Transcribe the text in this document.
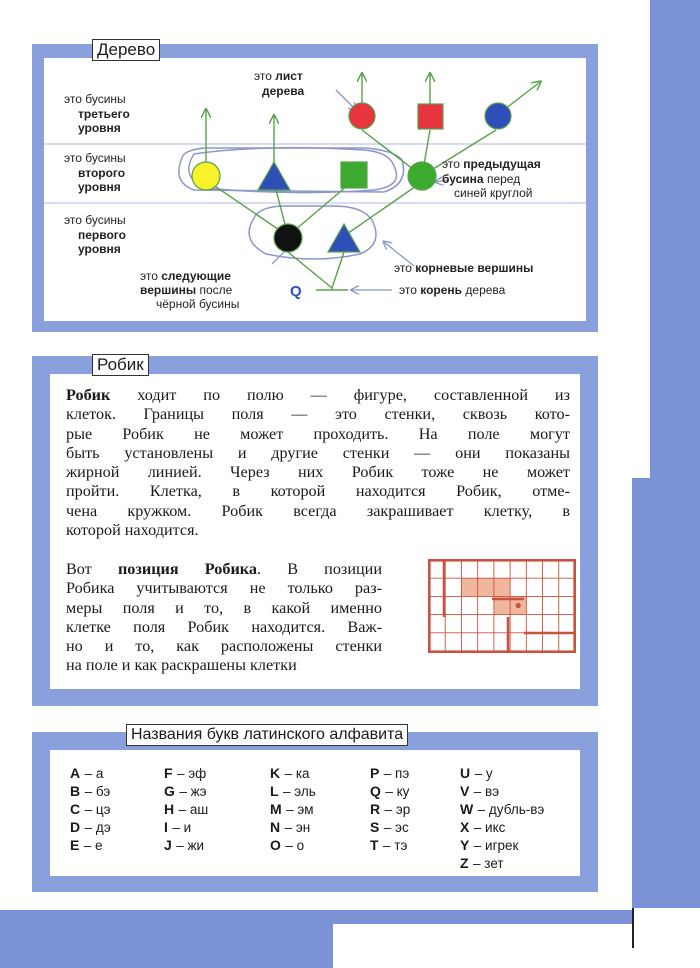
это лист
дерева
это бусины
третьего
уровня
это бусины
второго
уровня
это бусины
первого
уровня
это предыдущая
бусина перед
синей круглой
это корневые вершины
это следующие
вершины после
чёрной бусины
Q	это корень дерева
Дерево
Робик ходит по полю — фигуре, составленной из
клеток. Границы поля — это стенки, сквозь кото-
рые Робик не может проходить. На поле могут
быть установлены и другие стенки — они показаны
жирной линией. Через них Робик тоже не может
пройти. Клетка, в которой находится Робик, отме-
чена кружком. Робик всегда закрашивает клетку, в
которой находится.
Вот позиция Робика. В позиции
Робика учитываются не только раз-
меры поля и то, в какой именно
клетке поля Робик находится. Важ-
но и то, как расположены стенки
на поле и как раскрашены клетки
Робик
A – а
B – бэ
C – цэ
D – дэ
E – е
F – эф
G – жэ
H – аш
I – и
J – жи
K – ка
L – эль
M – эм
N – эн
O – о
P – пэ
Q – ку
R – эр
S – эс
T – тэ
U – у
V – вэ
W – дубль-вэ
X – икс
Y – игрек
Z – зет
Названия букв латинского алфавита
